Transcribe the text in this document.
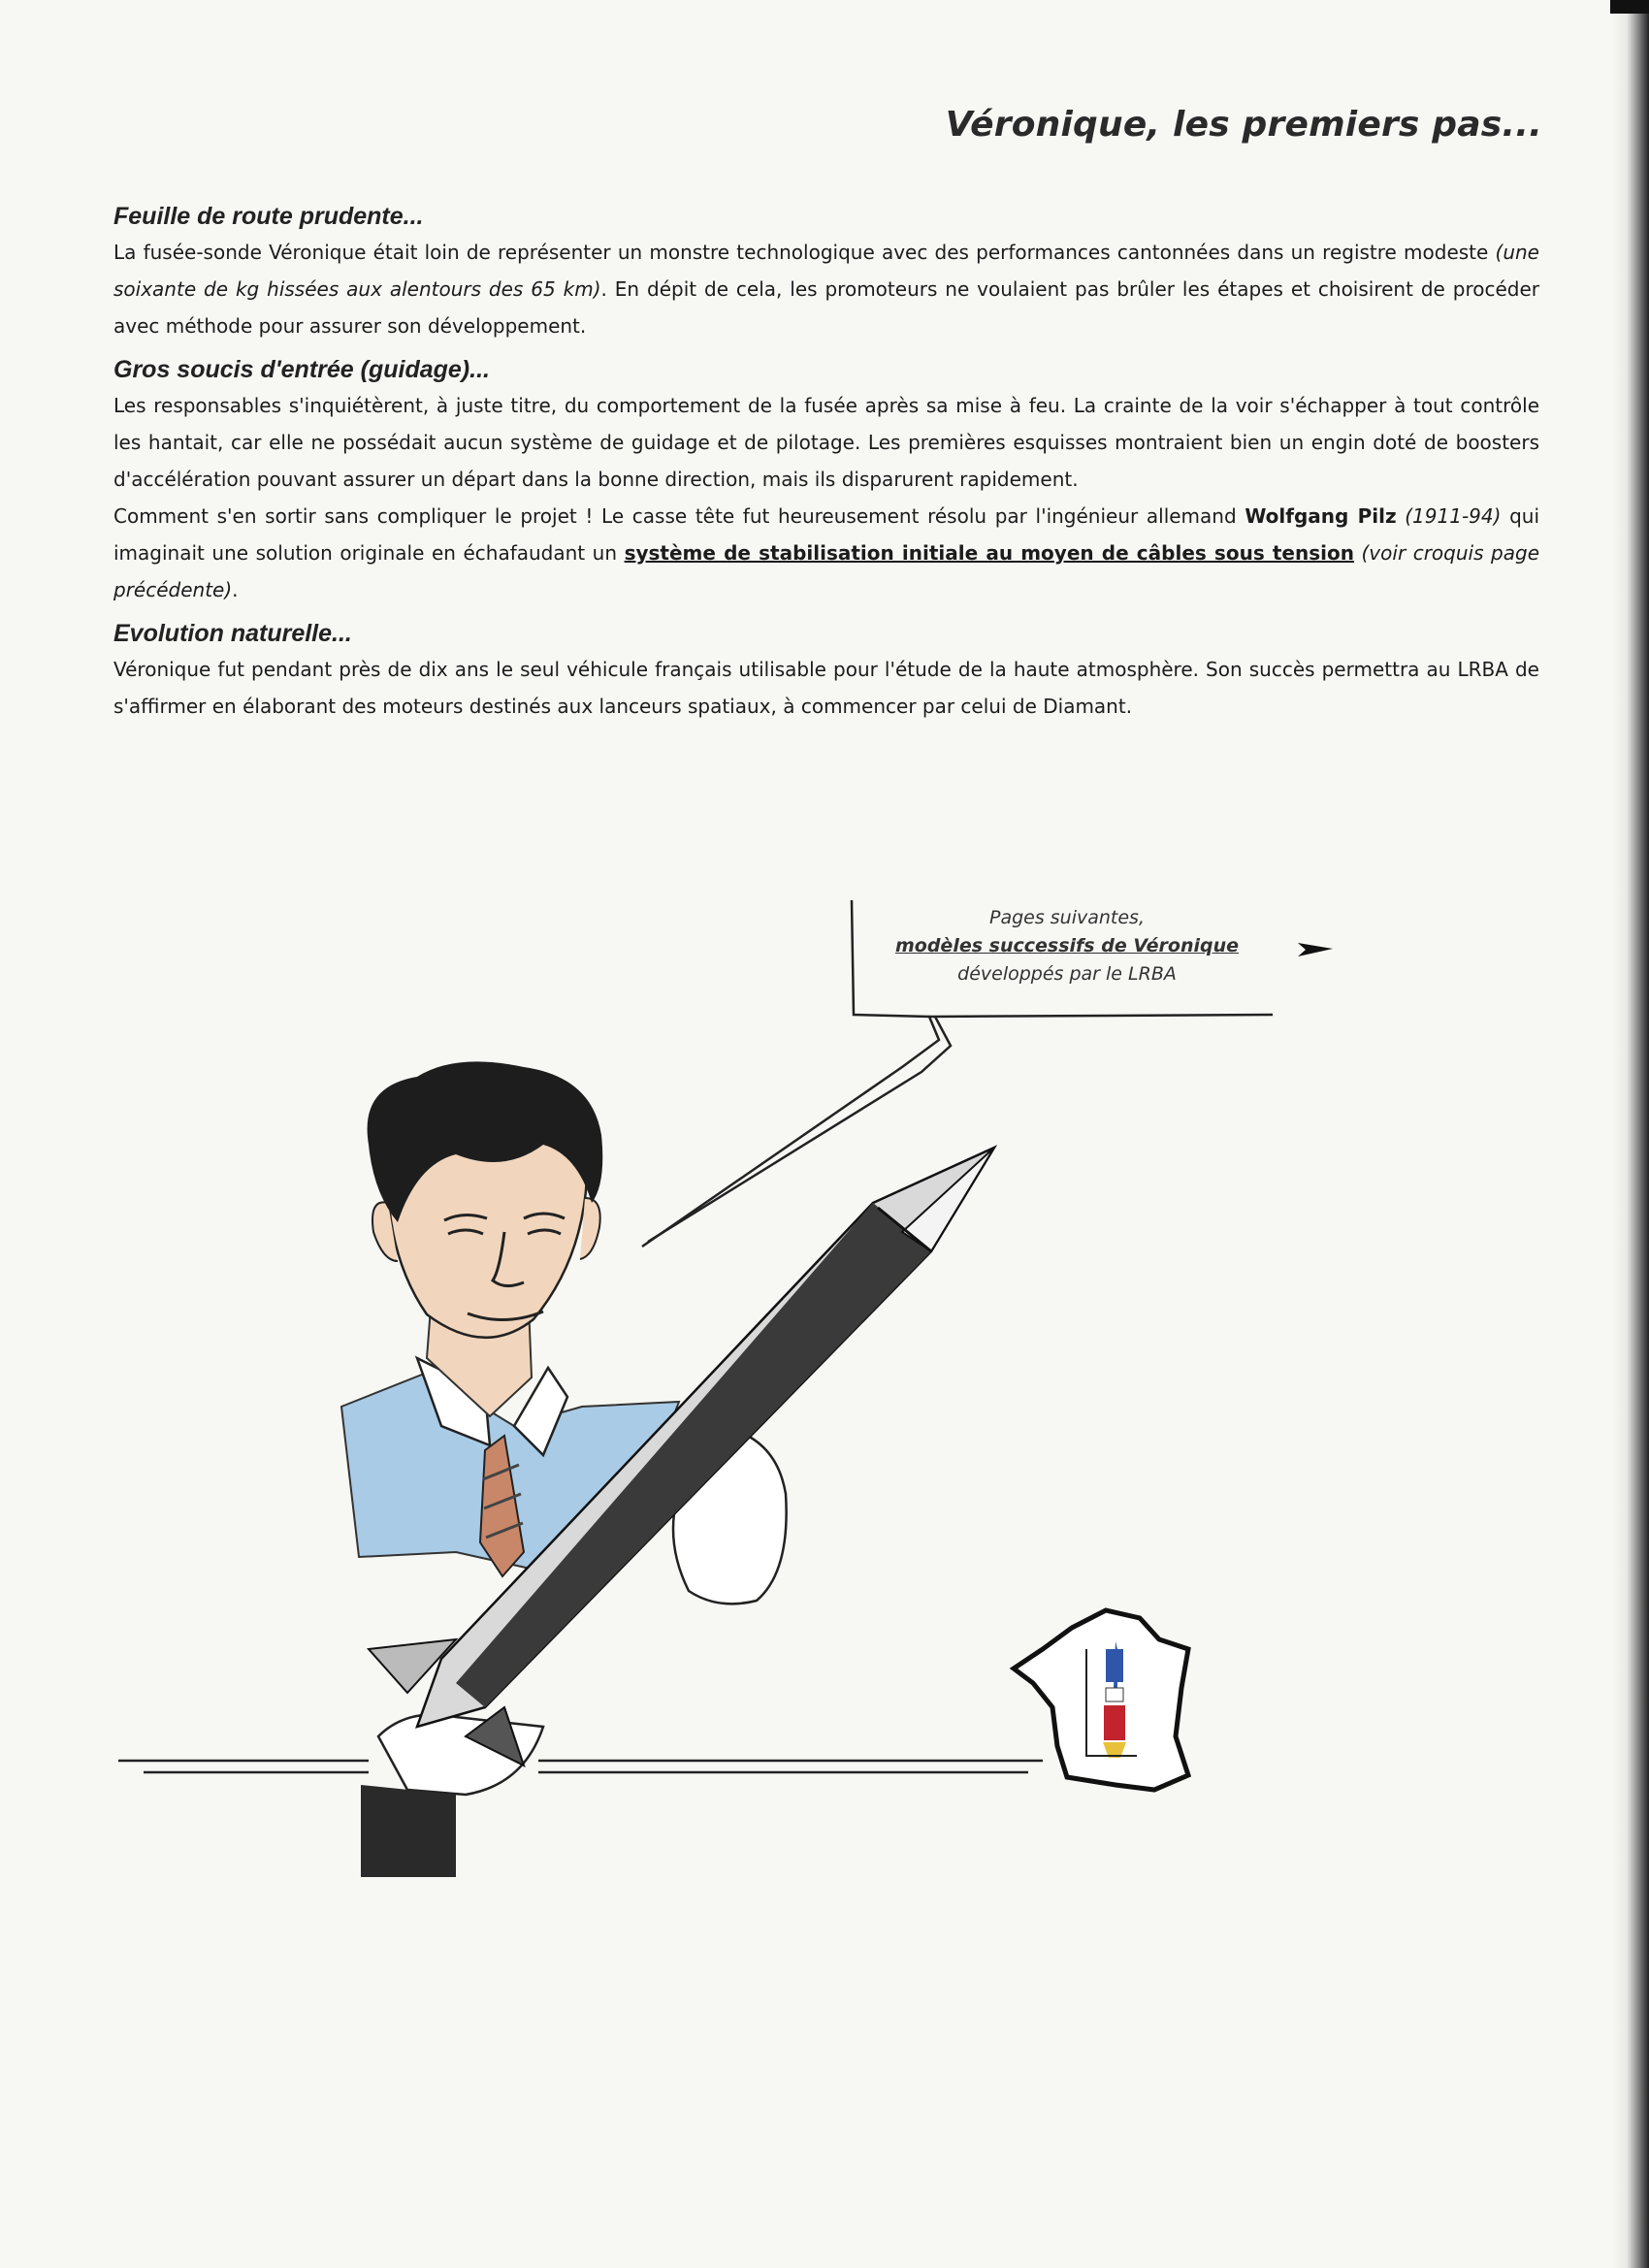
Véronique, les premiers pas...
Feuille de route prudente...

La fusée-sonde Véronique était loin de représenter un monstre technologique avec des performances cantonnées dans un registre modeste (une soixante de kg hissées aux alentours des 65 km). En dépit de cela, les promoteurs ne voulaient pas brûler les étapes et choisirent de procéder avec méthode pour assurer son développement.

Gros soucis d'entrée (guidage)...

Les responsables s'inquiétèrent, à juste titre, du comportement de la fusée après sa mise à feu. La crainte de la voir s'échapper à tout contrôle les hantait, car elle ne possédait aucun système de guidage et de pilotage. Les premières esquisses montraient bien un engin doté de boosters d'accélération pouvant assurer un départ dans la bonne direction, mais ils disparurent rapidement.

Comment s'en sortir sans compliquer le projet ! Le casse tête fut heureusement résolu par l'ingénieur allemand Wolfgang Pilz (1911-94) qui imaginait une solution originale en échafaudant un système de stabilisation initiale au moyen de câbles sous tension (voir croquis page précédente).

Evolution naturelle...

Véronique fut pendant près de dix ans le seul véhicule français utilisable pour l'étude de la haute atmosphère. Son succès permettra au LRBA de s'affirmer en élaborant des moteurs destinés aux lanceurs spatiaux, à commencer par celui de Diamant.

Pages suivantes,
modèles successifs de Véronique
développés par le LRBA
